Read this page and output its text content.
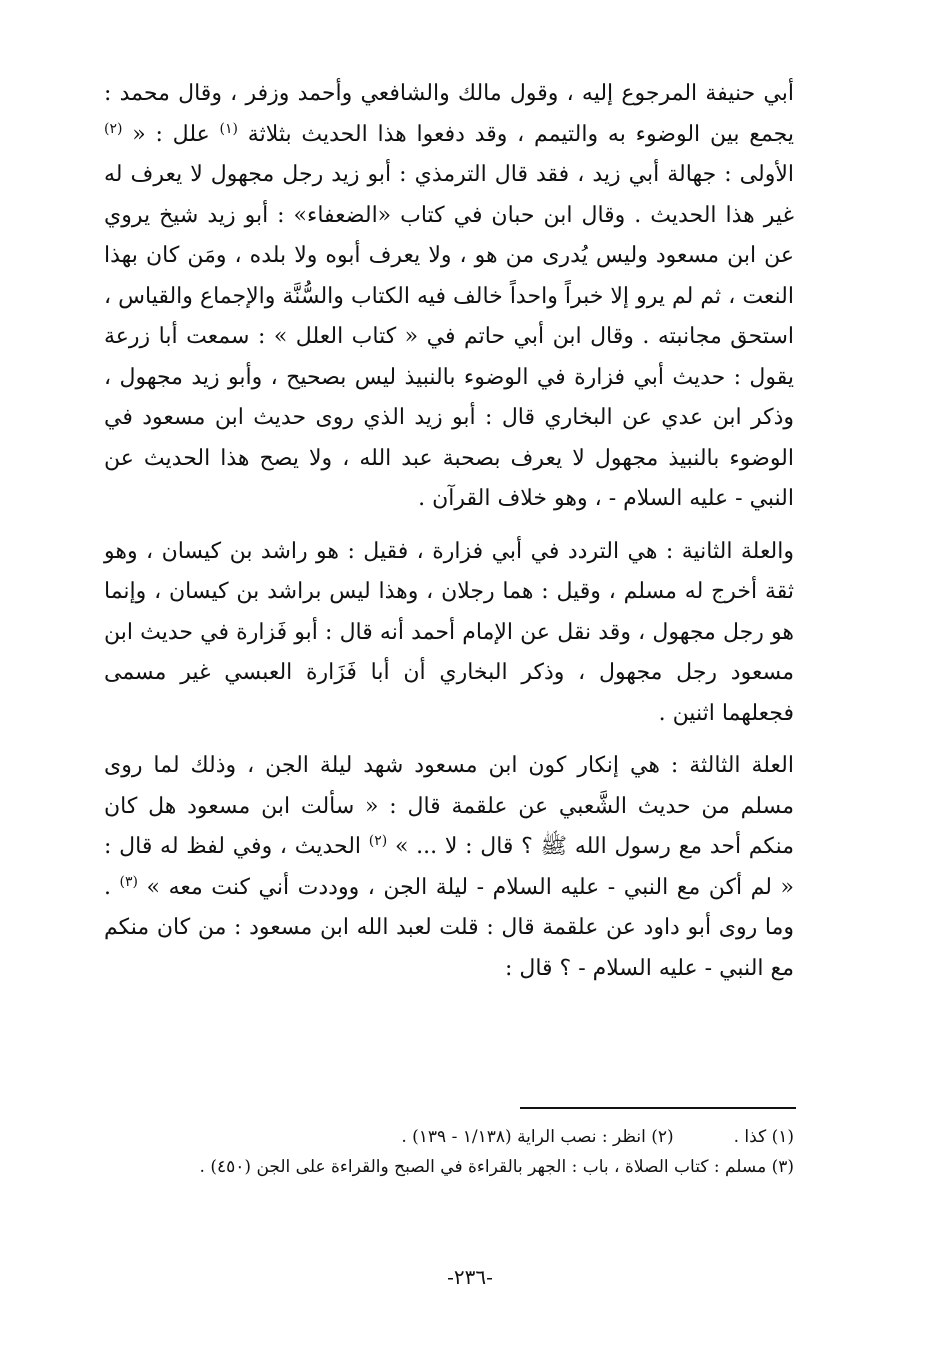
أبي حنيفة المرجوع إليه ، وقول مالك والشافعي وأحمد وزفر ، وقال محمد : يجمع بين الوضوء به والتيمم ، وقد دفعوا هذا الحديث بثلاثة $^{(١)}$ علل : « $^{(٢)}$ الأولى : جهالة أبي زيد ، فقد قال الترمذي : أبو زيد رجل مجهول لا يعرف له غير هذا الحديث . وقال ابن حبان في كتاب «الضعفاء» : أبو زيد شيخ يروي عن ابن مسعود وليس يُدرى من هو ، ولا يعرف أبوه ولا بلده ، ومَن كان بهذا النعت ، ثم لم يرو إلا خبراً واحداً خالف فيه الكتاب والسُّنَّة والإجماع والقياس ، استحق مجانبته . وقال ابن أبي حاتم في « كتاب العلل » : سمعت أبا زرعة يقول : حديث أبي فزارة في الوضوء بالنبيذ ليس بصحيح ، وأبو زيد مجهول ، وذكر ابن عدي عن البخاري قال : أبو زيد الذي روى حديث ابن مسعود في الوضوء بالنبيذ مجهول لا يعرف بصحبة عبد الله ، ولا يصح هذا الحديث عن النبي - عليه السلام - ، وهو خلاف القرآن .

والعلة الثانية : هي التردد في أبي فزارة ، فقيل : هو راشد بن كيسان ، وهو ثقة أخرج له مسلم ، وقيل : هما رجلان ، وهذا ليس براشد بن كيسان ، وإنما هو رجل مجهول ، وقد نقل عن الإمام أحمد أنه قال : أبو فَزارة في حديث ابن مسعود رجل مجهول ، وذكر البخاري أن أبا فَزَارة العبسي غير مسمى فجعلهما اثنين .

العلة الثالثة : هي إنكار كون ابن مسعود شهد ليلة الجن ، وذلك لما روى مسلم من حديث الشَّعبي عن علقمة قال : « سألت ابن مسعود هل كان منكم أحد مع رسول الله ﷺ ؟ قال : لا ... » $^{(٢)}$ الحديث ، وفي لفظ له قال : « لم أكن مع النبي - عليه السلام - ليلة الجن ، ووددت أني كنت معه » $^{(٣)}$ . وما روى أبو داود عن علقمة قال : قلت لعبد الله ابن مسعود : من كان منكم مع النبي - عليه السلام - ؟ قال :

(١) كذا .(٢) انظر : نصب الراية (١/١٣٨ - ١٣٩) .

(٣) مسلم : كتاب الصلاة ، باب : الجهر بالقراءة في الصبح والقراءة على الجن (٤٥٠) .

-٢٣٦-
